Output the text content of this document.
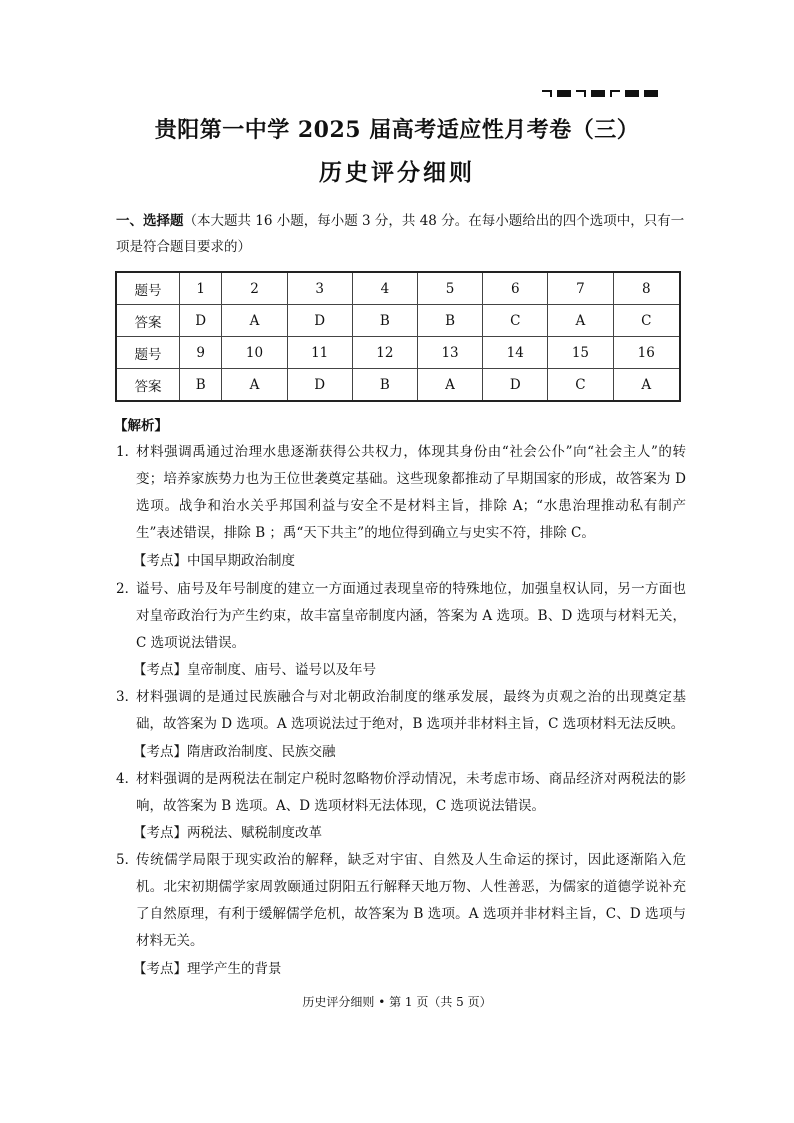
贵阳第一中学 2025 届高考适应性月考卷（三）
历史评分细则
一、选择题（本大题共 16 小题，每小题 3 分，共 48 分。在每小题给出的四个选项中，只有一项是符合题目要求的）
题号	1	2	3	4	5	6	7	8
答案	D	A	D	B	B	C	A	C
题号	9	10	11	12	13	14	15	16
答案	B	A	D	B	A	D	C	A
【解析】
1．
材料强调禹通过治理水患逐渐获得公共权力，体现其身份由“社会公仆”向“社会主人”的转变；培养家族势力也为王位世袭奠定基础。这些现象都推动了早期国家的形成，故答案为 D 选项。战争和治水关乎邦国利益与安全不是材料主旨，排除 A；“水患治理推动私有制产生”表述错误，排除 B ；禹“天下共主”的地位得到确立与史实不符，排除 C。
【考点】中国早期政治制度
2．
谥号、庙号及年号制度的建立一方面通过表现皇帝的特殊地位，加强皇权认同，另一方面也对皇帝政治行为产生约束，故丰富皇帝制度内涵，答案为 A 选项。B、D 选项与材料无关，C 选项说法错误。
【考点】皇帝制度、庙号、谥号以及年号
3．
材料强调的是通过民族融合与对北朝政治制度的继承发展，最终为贞观之治的出现奠定基础，故答案为 D 选项。A 选项说法过于绝对，B 选项并非材料主旨，C 选项材料无法反映。
【考点】隋唐政治制度、民族交融
4．
材料强调的是两税法在制定户税时忽略物价浮动情况，未考虑市场、商品经济对两税法的影响，故答案为 B 选项。A、D 选项材料无法体现，C 选项说法错误。
【考点】两税法、赋税制度改革
5．
传统儒学局限于现实政治的解释，缺乏对宇宙、自然及人生命运的探讨，因此逐渐陷入危机。北宋初期儒学家周敦颐通过阴阳五行解释天地万物、人性善恶，为儒家的道德学说补充了自然原理，有利于缓解儒学危机，故答案为 B 选项。A 选项并非材料主旨，C、D 选项与材料无关。
【考点】理学产生的背景
历史评分细则 • 第 1 页（共 5 页）
